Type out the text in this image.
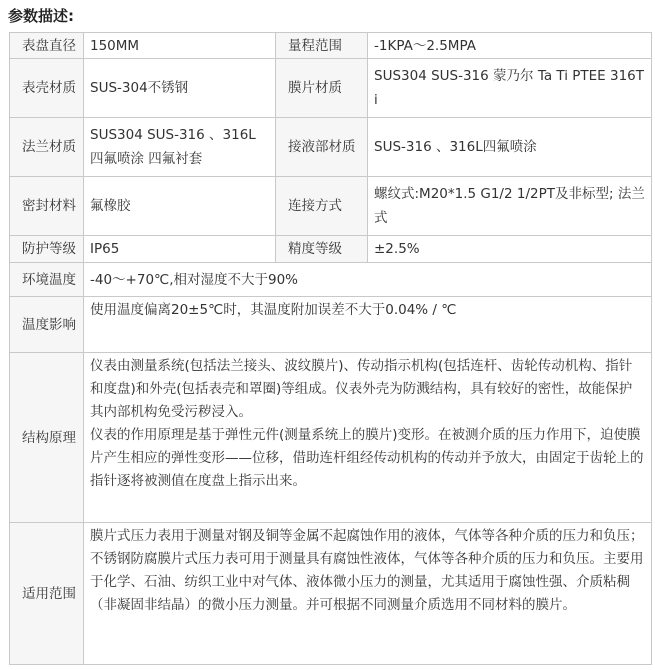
参数描述:
表盘直径	150MM	量程范围	-1KPA～2.5MPA
表壳材质	SUS-304不锈钢	膜片材质	SUS304 SUS-316 蒙乃尔 Ta Ti PTEE 316Ti
法兰材质	SUS304 SUS-316 、316L四氟喷涂 四氟衬套	接液部材质	SUS-316 、316L四氟喷涂
密封材料	氟橡胶	连接方式	螺纹式:M20*1.5 G1/2 1/2PT及非标型; 法兰式
防护等级	IP65	精度等级	±2.5%
环境温度	-40～+70℃,相对湿度不大于90%		
温度影响	使用温度偏离20±5℃时，其温度附加误差不大于0.04% / ℃		
结构原理	仪表由测量系统(包括法兰接头、波纹膜片)、传动指示机构(包括连杆、齿轮传动机构、指针和度盘)和外壳(包括表壳和罩圈)等组成。仪表外壳为防溅结构，具有较好的密性，故能保护其内部机构免受污秽浸入。

仪表的作用原理是基于弹性元件(测量系统上的膜片)变形。在被测介质的压力作用下，迫使膜片产生相应的弹性变形——位移，借助连杆组经传动机构的传动并予放大，由固定于齿轮上的指针逐将被测值在度盘上指示出来。		

适用范围	膜片式压力表用于测量对钢及铜等金属不起腐蚀作用的液体，气体等各种介质的压力和负压；不锈钢防腐膜片式压力表可用于测量具有腐蚀性液体，气体等各种介质的压力和负压。主要用于化学、石油、纺织工业中对气体、液体微小压力的测量，尤其适用于腐蚀性强、介质粘稠（非凝固非结晶）的微小压力测量。并可根据不同测量介质选用不同材料的膜片。		
